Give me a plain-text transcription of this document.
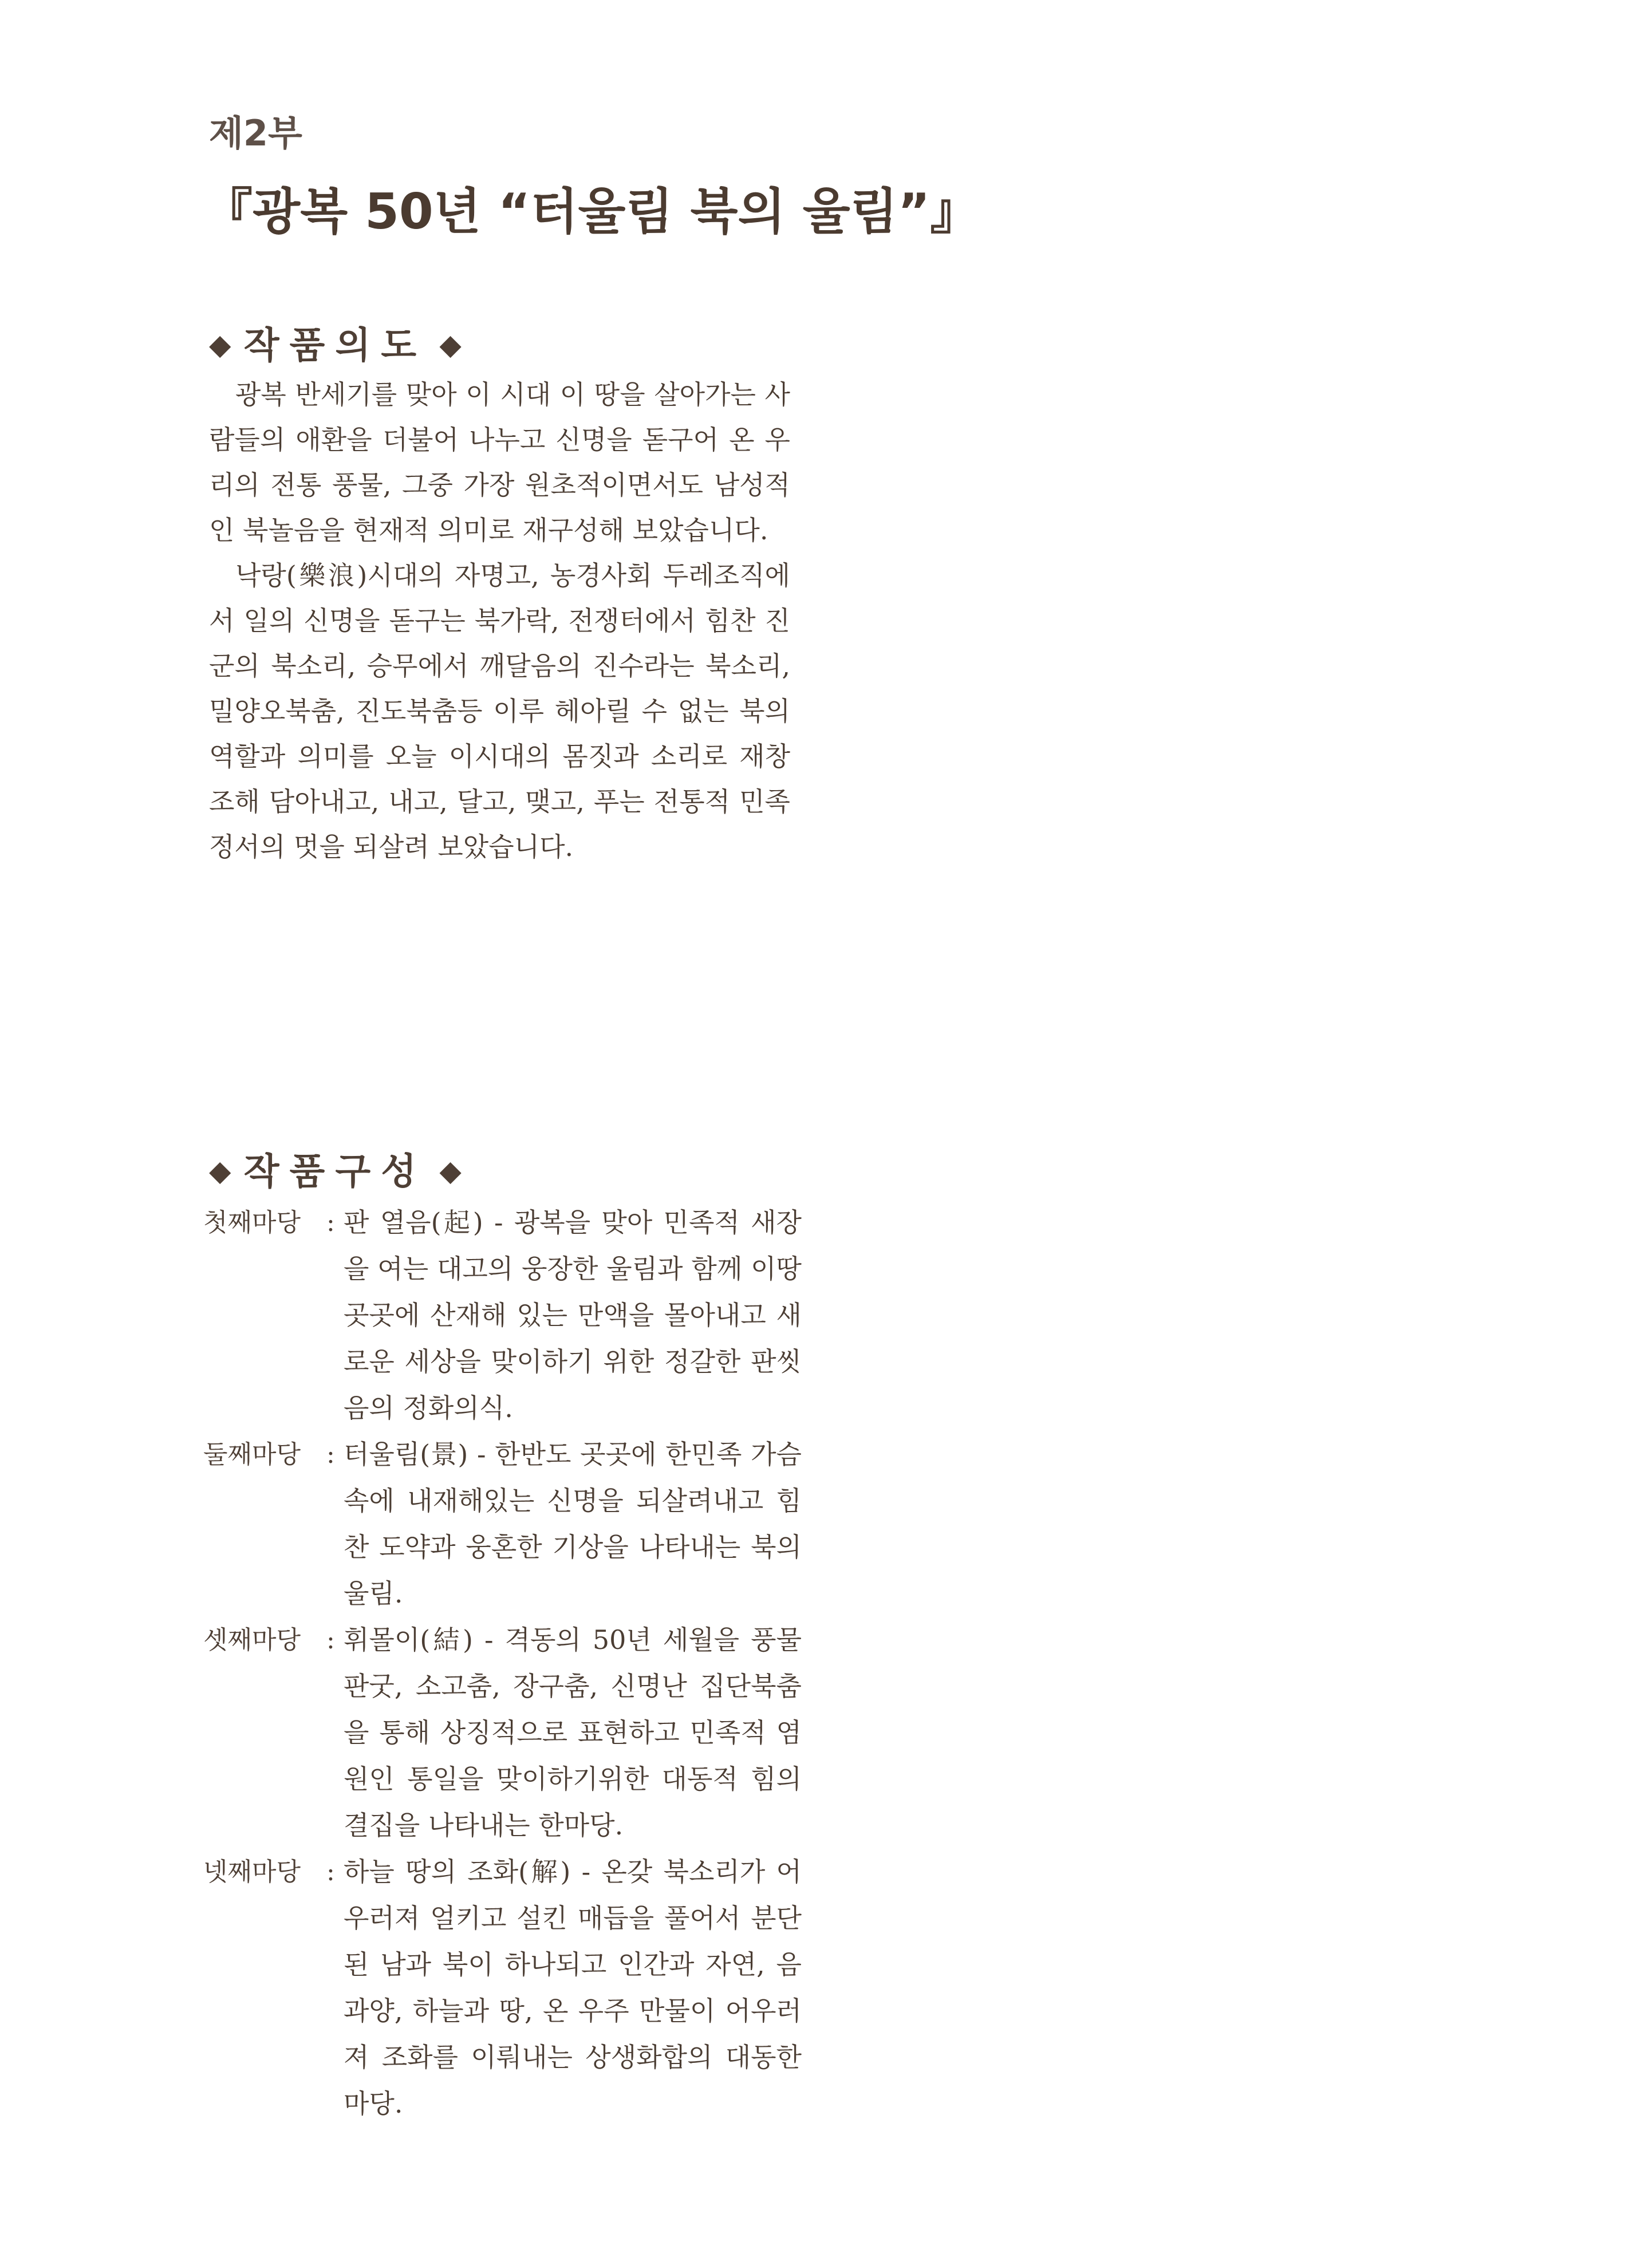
제2부
『광복 50년 “터울림 북의 울림”』
◆ 작품의도 ◆

광복 반세기를 맞아 이 시대 이 땅을 살아가는 사람들의 애환을 더불어 나누고 신명을 돋구어 온 우리의 전통 풍물, 그중 가장 원초적이면서도 남성적인 북놀음을 현재적 의미로 재구성해 보았습니다.

낙랑(樂浪)시대의 자명고, 농경사회 두레조직에서 일의 신명을 돋구는 북가락, 전쟁터에서 힘찬 진군의 북소리, 승무에서 깨달음의 진수라는 북소리, 밀양오북춤, 진도북춤등 이루 헤아릴 수 없는 북의 역할과 의미를 오늘 이시대의 몸짓과 소리로 재창조해 담아내고, 내고, 달고, 맺고, 푸는 전통적 민족 정서의 멋을 되살려 보았습니다.

◆ 작품구성 ◆
첫째마당	: 판 열음(起) - 광복을 맞아 민족적 새장을 여는 대고의 웅장한 울림과 함께 이땅 곳곳에 산재해 있는 만액을 몰아내고 새로운 세상을 맞이하기 위한 정갈한 판씻음의 정화의식.
둘째마당	: 터울림(景) - 한반도 곳곳에 한민족 가슴속에 내재해있는 신명을 되살려내고 힘찬 도약과 웅혼한 기상을 나타내는 북의 울림.
셋째마당	: 휘몰이(結) - 격동의 50년 세월을 풍물판굿, 소고춤, 장구춤, 신명난 집단북춤을 통해 상징적으로 표현하고 민족적 염원인 통일을 맞이하기위한 대동적 힘의 결집을 나타내는 한마당.
넷째마당	: 하늘 땅의 조화(解) - 온갖 북소리가 어우러져 얼키고 설킨 매듭을 풀어서 분단된 남과 북이 하나되고 인간과 자연, 음과양, 하늘과 땅, 온 우주 만물이 어우러져 조화를 이뤄내는 상생화합의 대동한마당.
